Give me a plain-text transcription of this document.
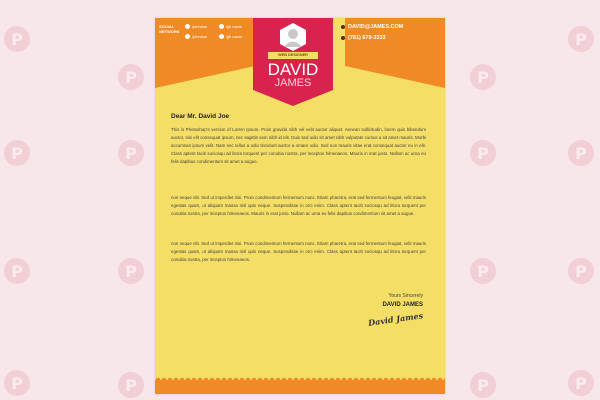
P
P	P
P
P	P	P	P
P	P	P	P
P	P	P	P
SOCIAL NETWORK
/johndoe
/johndoe
/jjh name
/jjh name
DAVID@JAMES.COM
(781) 679-3333
WEB DESIGNER
DAVID
JAMES
Dear Mr. David Joe
This is Photoshop's version of Lorem Ipsum. Proin gravida nibh vel velit auctor aliquet. Aenean sollicitudin, lorem quis bibendum auctor, nisi elit consequat ipsum, nec sagittis sem nibh id elit. Duis sed odio sit amet nibh vulputate cursus a sit amet mauris. Morbi accumsan ipsum velit. Nam nec tellus a odio tincidunt auctor a ornare odio. Sed non mauris vitae erat consequat auctor eu in elit. Class aptent taciti sociosqu ad litora torquent per conubia nostra, per inceptos himenaeos. Mauris in erat justo. Nullam ac urna eu felis dapibus condimentum sit amet a augue.
non neque elit. Sed ut imperdiet nisi. Proin condimentum fermentum nunc. Etiam pharetra, erat sed fermentum feugiat, velit mauris egestas quam, ut aliquam massa nisl quis neque. Suspendisse in orci enim. Class aptent taciti sociosqu ad litora torquent per conubia nostra, per inceptos himenaeos. Mauris in erat justo. Nullam ac urna eu felis dapibus condimentum sit amet a augue.
non neque elit. Sed ut imperdiet nisi. Proin condimentum fermentum nunc. Etiam pharetra, erat sed fermentum feugiat, velit mauris egestas quam, ut aliquam massa nisl quis neque. Suspendisse in orci enim. Class aptent taciti sociosqu ad litora torquent per conubia nostra, per inceptos himenaeos.
Yours Sincerely
DAVID JAMES
David James
